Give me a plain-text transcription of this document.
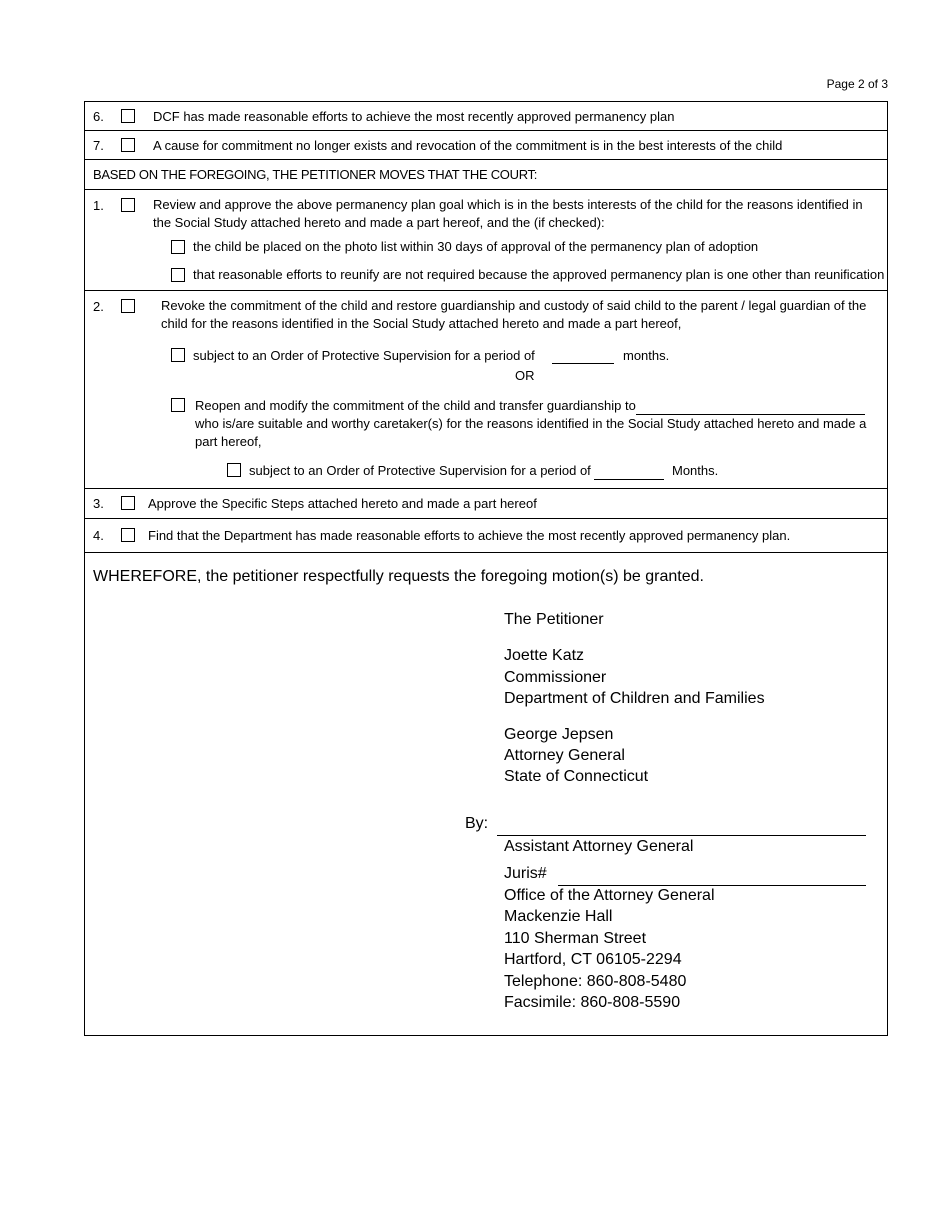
Page 2 of 3
6.	DCF has made reasonable efforts to achieve the most recently approved permanency plan
7.	A cause for commitment no longer exists and revocation of the commitment is in the best interests of the child
BASED ON THE FOREGOING, THE PETITIONER MOVES THAT THE COURT:
1.	Review and approve the above permanency plan goal which is in the bests interests of the child for the reasons identified in the Social Study attached hereto and made a part hereof, and the (if checked):
the child be placed on the photo list within 30 days of approval of the permanency plan of adoption
that reasonable efforts to reunify are not required because the approved permanency plan is one other than reunification
2.	Revoke the commitment of the child and restore guardianship and custody of said child to the parent / legal guardian of the child for the reasons identified in the Social Study attached hereto and made a part hereof,
subject to an Order of Protective Supervision for a period of	months.
OR
Reopen and modify the commitment of the child and transfer guardianship to
who is/are suitable and worthy caretaker(s) for the reasons identified in the Social Study attached hereto and made a part hereof,
subject to an Order of Protective Supervision for a period of	Months.
3.	Approve the Specific Steps attached hereto and made a part hereof
4.	Find that the Department has made reasonable efforts to achieve the most recently approved permanency plan.
WHEREFORE, the petitioner respectfully requests the foregoing motion(s) be granted.
The Petitioner
Joette Katz
Commissioner
Department of Children and Families
George Jepsen
Attorney General
State of Connecticut
By:
Assistant Attorney General
Juris#
Office of the Attorney General
Mackenzie Hall
110 Sherman Street
Hartford, CT 06105-2294
Telephone: 860-808-5480
Facsimile: 860-808-5590
